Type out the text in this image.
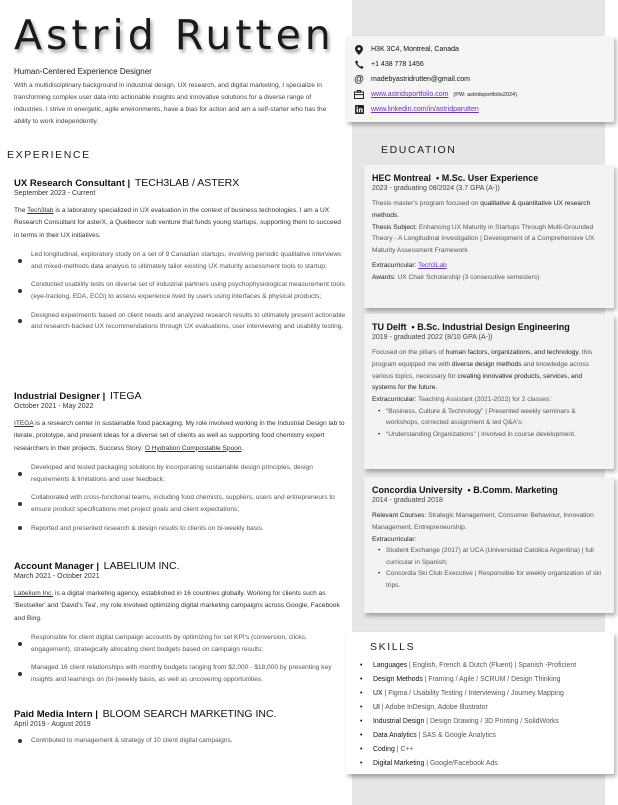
Astrid Rutten
Human-Centered Experience Designer
With a multidisciplinary background in industrial design, UX research, and digital marketing, I specialize in transforming complex user data into actionable insights and innovative solutions for a diverse range of industries. I strive in energetic, agile environments, have a bias for action and am a self-starter who has the ability to work independently.
H3K 3C4, Montreal, Canada
+1 438 778 1456
@ madebyastridrutten@gmail.com
www.astridsportfolio.com (PW: astridsportfolio2024)
www.linkedin.com/in/astridparutten
EXPERIENCE
UX Research Consultant | TECH3LAB / ASTERX
September 2023 - Current
The Tech3lab is a laboratory specialized in UX evaluation in the context of business technologies. I am a UX Research Consultant for asterX, a Quebecor sub venture that funds young startups, supporting them to succeed in terms in their UX initiatives.
Led longitudinal, exploratory study on a set of 9 Canadian startups, involving periodic qualitative interviews and mixed-methods data analysis to ultimately tailor existing UX maturity assessment tools to startup;
Conducted usability tests on diverse set of industrial partners using psychophysiological measurement tools (eye-tracking, EDA, ECG) to assess experience lived by users using interfaces & physical products;
Designed experiments based on client needs and analyzed research results to ultimately present actionable and research-backed UX recommendations through UX evaluations, user interviewing and usability testing.
Industrial Designer | ITEGA
October 2021 - May 2022
ITEGA is a research center in sustainable food packaging. My role involved working in the Industrial Design lab to iterate, prototype, and present ideas for a diverse set of clients as well as supporting food chemistry expert researchers in their projects. Success Story: O Hydration Compostable Spoon.
Developed and tested packaging solutions by incorporating sustainable design principles, design requirements & limitations and user feedback;
Collaborated with cross-functional teams, including food chemists, suppliers, users and entrepreneurs to ensure product specifications met project goals and client expectations;
Reported and presented research & design results to clients on bi-weekly basis.
Account Manager | LABELIUM INC.
March 2021 - October 2021
Labelium Inc. is a digital marketing agency, established in 16 countries globally. Working for clients such as 'Bestseller' and 'David's Tea', my role involved optimizing digital marketing campaigns across Google, Facebook and Bing.
Responsible for client digital campaign accounts by optimizing for set KPI's (conversion, clicks, engagement), strategically allocating client budgets based on campaign results;
Managed 16 client relationships with monthly budgets ranging from $2,000 - $18,000 by presenting key insights and learnings on (bi-)weekly basis, as well as uncovering opportunities.
Paid Media Intern | BLOOM SEARCH MARKETING INC.
April 2019 - August 2019
Contributed to management & strategy of 10 client digital campaigns.
EDUCATION
HEC Montreal • M.Sc. User Experience
2023 - graduating 08/2024 (3.7 GPA (A-))
Thesis master's program focused on qualitative & quantitative UX research methods.
Thesis Subject: Enhancing UX Maturity in Startups Through Multi-Grounded Theory - A Longitudinal Investigation | Development of a Comprehensive UX Maturity Assessment Framework
Extracurricular: Tech3Lab
Awards: UX Chair Scholarship (3 consecutive semesters)
TU Delft • B.Sc. Industrial Design Engineering
2019 - graduated 2022 (8/10 GPA (A-))
Focused on the pillars of human factors, organizations, and technology, this program equipped me with diverse design methods and knowledge across various topics, necessary for creating innovative products, services, and systems for the future.
Extracurricular: Teaching Assistant (2021-2022) for 2 classes:
• “Business, Culture & Technology” | Presented weekly seminars & workshops, corrected assignment & led Q&A's;
• “Understanding Organizations” | Involved in course development.
Concordia University • B.Comm. Marketing
2014 - graduated 2018
Relevant Courses: Strategic Management, Consumer Behaviour, Innovation Management, Entrepreneurship.
Extracurricular:
• Student Exchange (2017) at UCA (Universidad Catolica Argentina) | full curricular in Spanish;
• Concordia Ski Club Executive | Responsible for weekly organization of ski trips.
SKILLS
• Languages | English, French & Dutch (Fluent) | Spanish -Proficient
• Design Methods | Framing / Agile / SCRUM / Design Thinking
• UX | Figma / Usability Testing / Interviewing / Journey Mapping
• UI | Adobe InDesign, Adobe Illustrator
• Industrial Design | Design Drawing / 3D Printing / SolidWorks
• Data Analytics | SAS & Google Analytics
• Coding | C++
• Digital Marketing | Google/Facebook Ads
